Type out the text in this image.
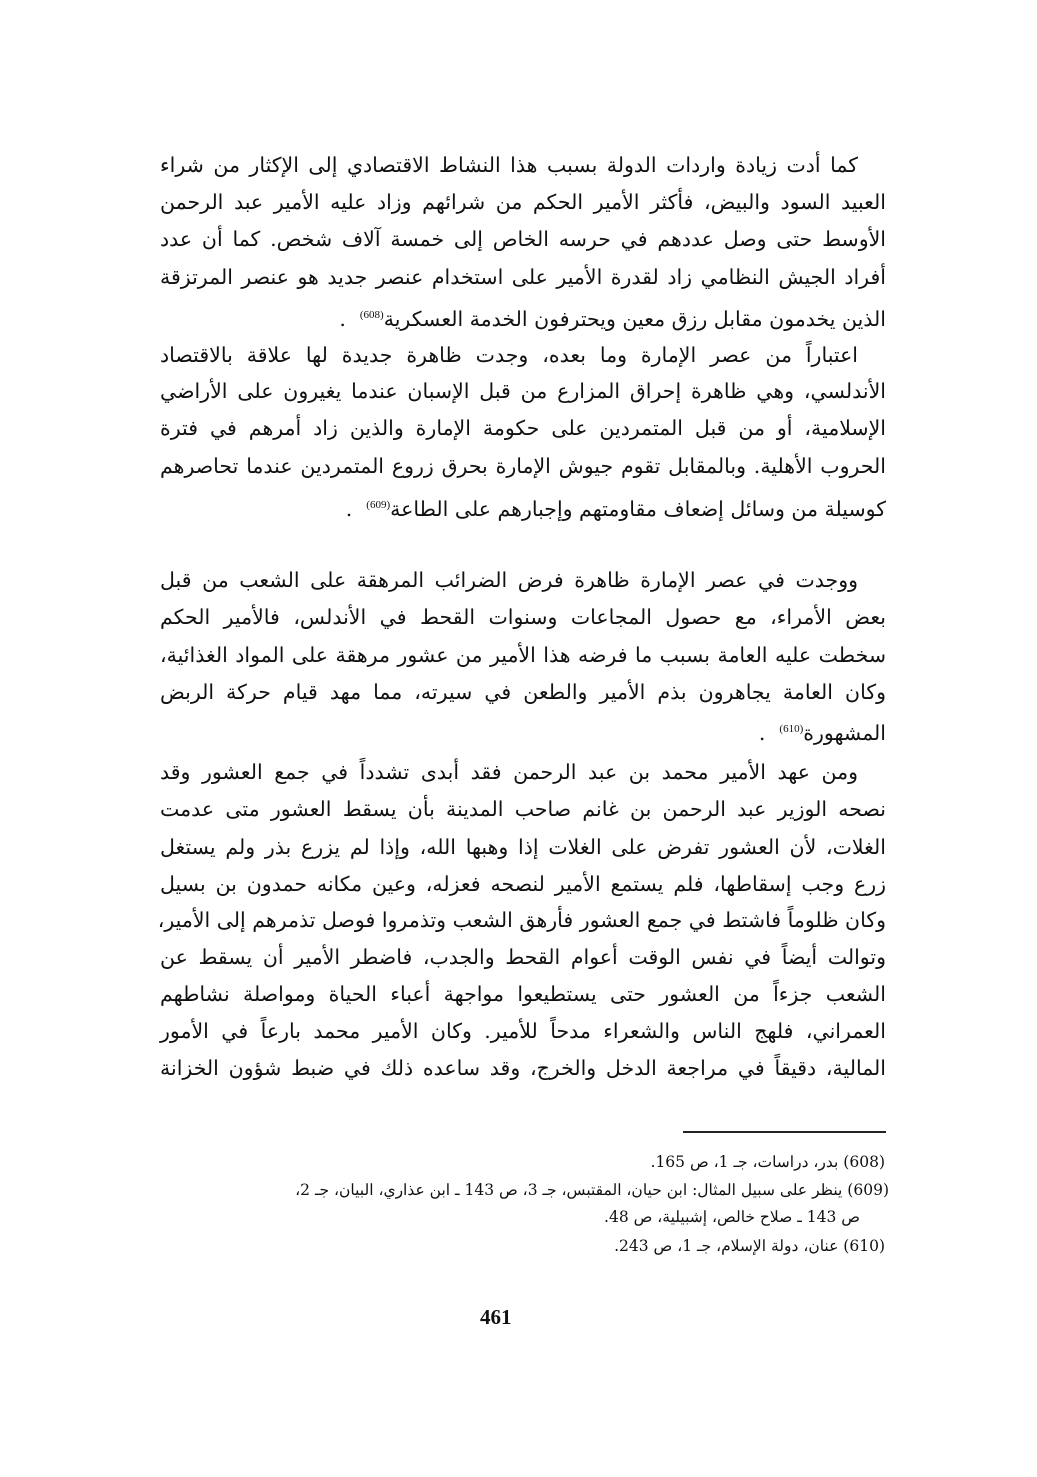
كما أدت زيادة واردات الدولة بسبب هذا النشاط الاقتصادي إلى الإكثار من شراء
العبيد السود والبيض، فأكثر الأمير الحكم من شرائهم وزاد عليه الأمير عبد الرحمن
الأوسط حتى وصل عددهم في حرسه الخاص إلى خمسة آلاف شخص. كما أن عدد
أفراد الجيش النظامي زاد لقدرة الأمير على استخدام عنصر جديد هو عنصر المرتزقة
الذين يخدمون مقابل رزق معين ويحترفون الخدمة العسكرية$^{(608)}$.
اعتباراً من عصر الإمارة وما بعده، وجدت ظاهرة جديدة لها علاقة بالاقتصاد
الأندلسي، وهي ظاهرة إحراق المزارع من قبل الإسبان عندما يغيرون على الأراضي
الإسلامية، أو من قبل المتمردين على حكومة الإمارة والذين زاد أمرهم في فترة
الحروب الأهلية. وبالمقابل تقوم جيوش الإمارة بحرق زروع المتمردين عندما تحاصرهم
كوسيلة من وسائل إضعاف مقاومتهم وإجبارهم على الطاعة$^{(609)}$.
ووجدت في عصر الإمارة ظاهرة فرض الضرائب المرهقة على الشعب من قبل
بعض الأمراء، مع حصول المجاعات وسنوات القحط في الأندلس، فالأمير الحكم
سخطت عليه العامة بسبب ما فرضه هذا الأمير من عشور مرهقة على المواد الغذائية،
وكان العامة يجاهرون بذم الأمير والطعن في سيرته، مما مهد قيام حركة الربض
المشهورة$^{(610)}$.
ومن عهد الأمير محمد بن عبد الرحمن فقد أبدى تشدداً في جمع العشور وقد
نصحه الوزير عبد الرحمن بن غانم صاحب المدينة بأن يسقط العشور متى عدمت
الغلات، لأن العشور تفرض على الغلات إذا وهبها الله، وإذا لم يزرع بذر ولم يستغل
زرع وجب إسقاطها، فلم يستمع الأمير لنصحه فعزله، وعين مكانه حمدون بن بسيل
وكان ظلوماً فاشتط في جمع العشور فأرهق الشعب وتذمروا فوصل تذمرهم إلى الأمير،
وتوالت أيضاً في نفس الوقت أعوام القحط والجدب، فاضطر الأمير أن يسقط عن
الشعب جزءاً من العشور حتى يستطيعوا مواجهة أعباء الحياة ومواصلة نشاطهم
العمراني، فلهج الناس والشعراء مدحاً للأمير. وكان الأمير محمد بارعاً في الأمور
المالية، دقيقاً في مراجعة الدخل والخرج، وقد ساعده ذلك في ضبط شؤون الخزانة
(608) بدر، دراسات، جـ 1، ص 165.
(609) ينظر على سبيل المثال: ابن حيان، المقتبس، جـ 3، ص 143 ـ ابن عذاري، البيان، جـ 2،
ص 143 ـ صلاح خالص، إشبيلية، ص 48.
(610) عنان، دولة الإسلام، جـ 1، ص 243.
461
